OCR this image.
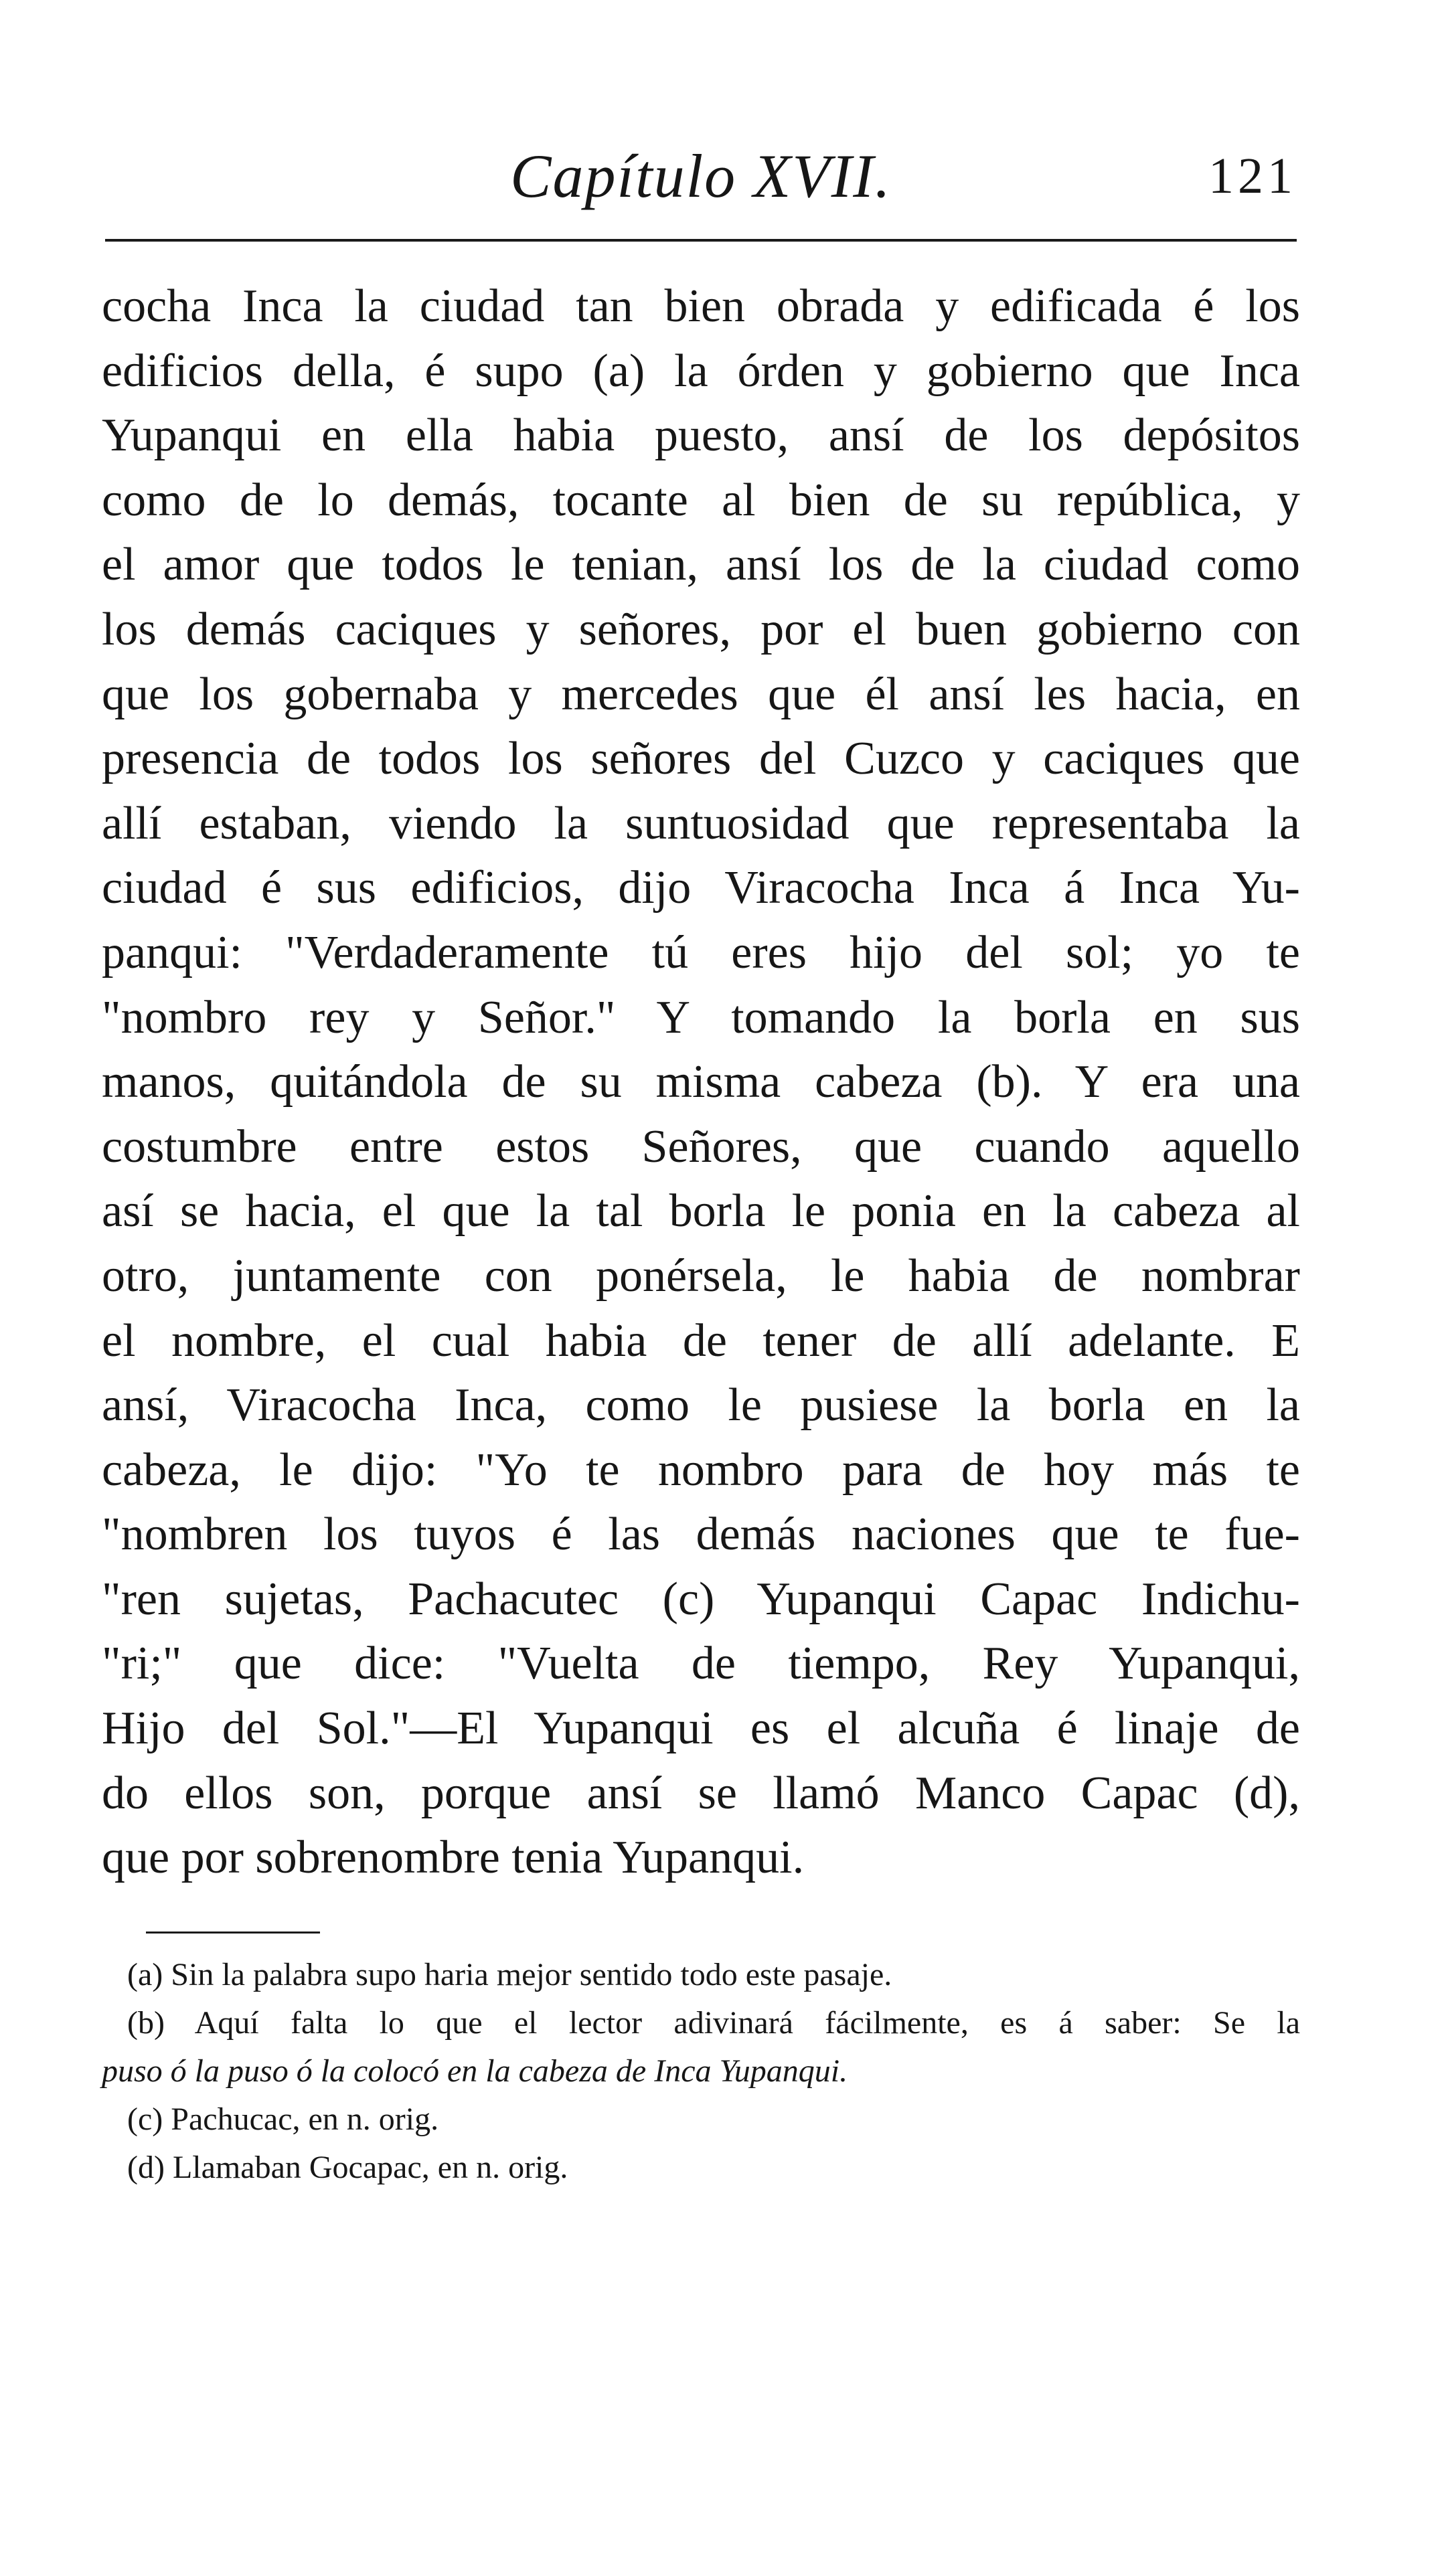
Capítulo XVII.	121
cocha Inca la ciudad tan bien obrada y edificada é los
edificios della, é supo (a) la órden y gobierno que Inca
Yupanqui en ella habia puesto, ansí de los depósitos
como de lo demás, tocante al bien de su república, y
el amor que todos le tenian, ansí los de la ciudad como
los demás caciques y señores, por el buen gobierno con
que los gobernaba y mercedes que él ansí les hacia, en
presencia de todos los señores del Cuzco y caciques que
allí estaban, viendo la suntuosidad que representaba la
ciudad é sus edificios, dijo Viracocha Inca á Inca Yu-
panqui: "Verdaderamente tú eres hijo del sol; yo te
"nombro rey y Señor." Y tomando la borla en sus
manos, quitándola de su misma cabeza (b). Y era una
costumbre entre estos Señores, que cuando aquello
así se hacia, el que la tal borla le ponia en la cabeza al
otro, juntamente con ponérsela, le habia de nombrar
el nombre, el cual habia de tener de allí adelante. E
ansí, Viracocha Inca, como le pusiese la borla en la
cabeza, le dijo: "Yo te nombro para de hoy más te
"nombren los tuyos é las demás naciones que te fue-
"ren sujetas, Pachacutec (c) Yupanqui Capac Indichu-
"ri;" que dice: "Vuelta de tiempo, Rey Yupanqui,
Hijo del Sol."—El Yupanqui es el alcuña é linaje de
do ellos son, porque ansí se llamó Manco Capac (d),
que por sobrenombre tenia Yupanqui.
(a) Sin la palabra supo haria mejor sentido todo este pasaje.
(b) Aquí falta lo que el lector adivinará fácilmente, es á saber: Se la
puso ó la puso ó la colocó en la cabeza de Inca Yupanqui.
(c) Pachucac, en n. orig.
(d) Llamaban Gocapac, en n. orig.
